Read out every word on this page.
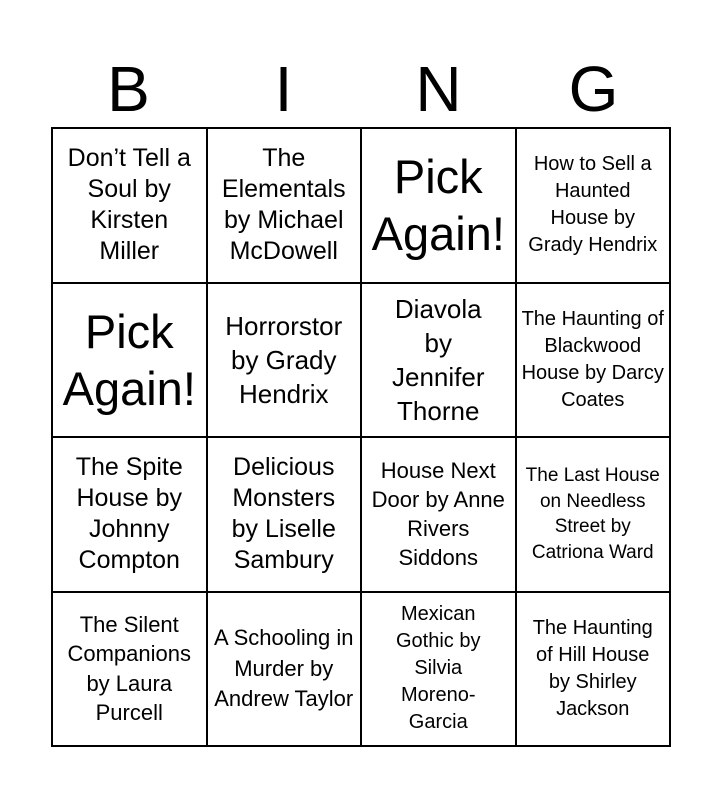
B	I	N	G
Don’t Tell a Soul by Kirsten Miller
The Elementals by Michael McDowell
Pick Again!
How to Sell a Haunted House by Grady Hendrix
Pick Again!
Horrorstor by Grady Hendrix
Diavola by Jennifer Thorne
The Haunting of Blackwood House by Darcy Coates
The Spite House by Johnny Compton
Delicious Monsters by Liselle Sambury
House Next Door by Anne Rivers Siddons
The Last House on Needless Street by Catriona Ward
The Silent Companions by Laura Purcell
A Schooling in Murder by Andrew Taylor
Mexican Gothic by Silvia Moreno-Garcia
The Haunting of Hill House by Shirley Jackson
